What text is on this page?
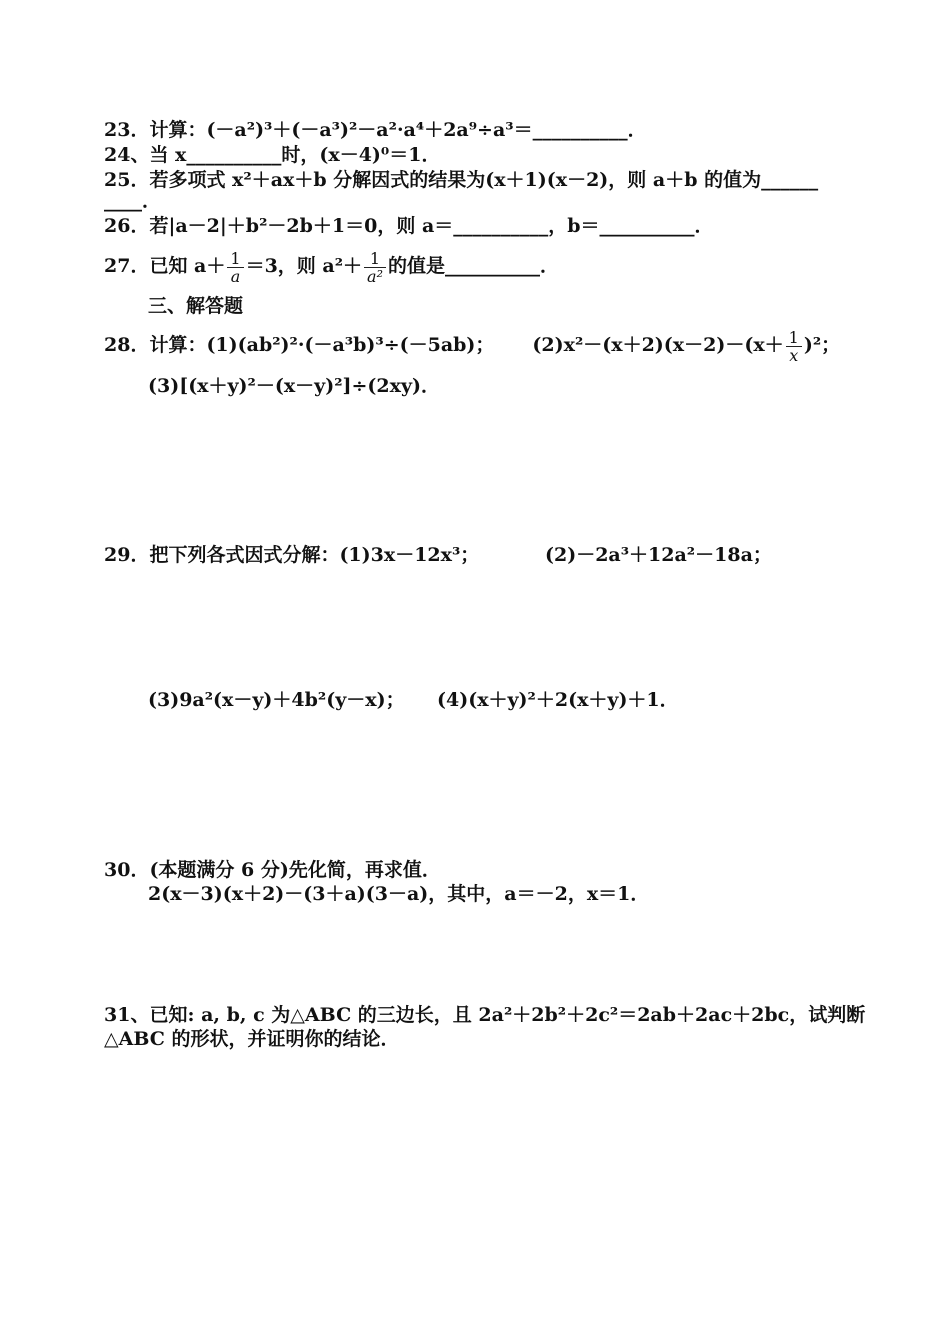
23．计算：(－a²)³＋(－a³)²－a²·a⁴＋2a⁹÷a³＝__________．
24、当 x__________时，(x－4)⁰＝1．
25．若多项式 x²＋ax＋b 分解因式的结果为(x＋1)(x－2)，则 a＋b 的值为______
____．
26．若|a－2|＋b²－2b＋1＝0，则 a＝__________，b＝__________．
27．已知 $a+ \frac{1}{a} =3$，则 $a^2+ \frac{1}{\text{a²}}$ 的值是__________．
三、解答题
28．计算：(1)(ab²)²·(－a³b)³÷(－5ab)； $(2)x^2-(x+2)(x-2)-(x+ \frac{1}{x} )^2$；
(3)[(x＋y)²－(x－y)²]÷(2xy)．
29．把下列各式因式分解：(1)3x－12x³；	(2)－2a³＋12a²－18a；
(3)9a²(x－y)＋4b²(y－x)； (4)(x＋y)²＋2(x＋y)＋1．
30．(本题满分 6 分)先化简，再求值．
2(x－3)(x＋2)－(3＋a)(3－a)，其中，a＝－2，x＝1．
31、已知: a, b, c 为△ABC 的三边长，且 2a²＋2b²＋2c²＝2ab＋2ac＋2bc，试判断
△ABC 的形状，并证明你的结论．
